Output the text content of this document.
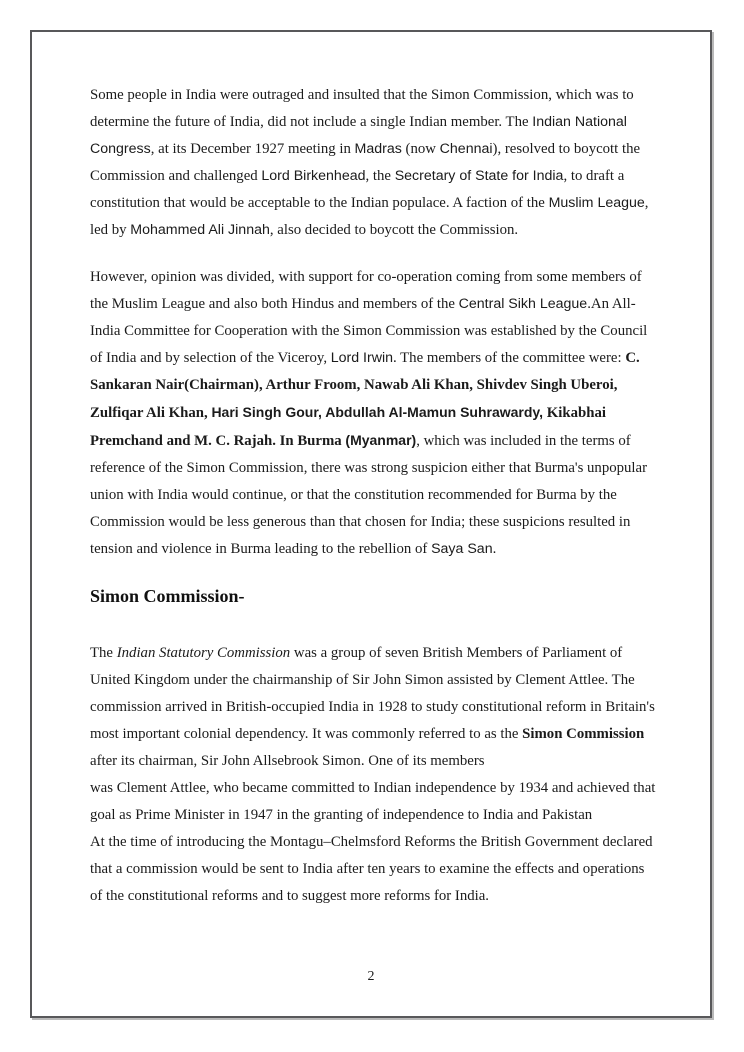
Some people in India were outraged and insulted that the Simon Commission, which was to determine the future of India, did not include a single Indian member. The Indian National Congress, at its December 1927 meeting in Madras (now Chennai), resolved to boycott the Commission and challenged Lord Birkenhead, the Secretary of State for India, to draft a constitution that would be acceptable to the Indian populace. A faction of the Muslim League, led by Mohammed Ali Jinnah, also decided to boycott the Commission.
However, opinion was divided, with support for co-operation coming from some members of the Muslim League and also both Hindus and members of the Central Sikh League.An All-India Committee for Cooperation with the Simon Commission was established by the Council of India and by selection of the Viceroy, Lord Irwin. The members of the committee were: C. Sankaran Nair(Chairman), Arthur Froom, Nawab Ali Khan, Shivdev Singh Uberoi, Zulfiqar Ali Khan, Hari Singh Gour, Abdullah Al-Mamun Suhrawardy, Kikabhai Premchand and M. C. Rajah. In Burma (Myanmar), which was included in the terms of reference of the Simon Commission, there was strong suspicion either that Burma's unpopular union with India would continue, or that the constitution recommended for Burma by the Commission would be less generous than that chosen for India; these suspicions resulted in tension and violence in Burma leading to the rebellion of Saya San.
Simon Commission-
The Indian Statutory Commission was a group of seven British Members of Parliament of United Kingdom under the chairmanship of Sir John Simon assisted by Clement Attlee. The commission arrived in British-occupied India in 1928 to study constitutional reform in Britain's most important colonial dependency. It was commonly referred to as the Simon Commission after its chairman, Sir John Allsebrook Simon. One of its members
was Clement Attlee, who became committed to Indian independence by 1934 and achieved that goal as Prime Minister in 1947 in the granting of independence to India and Pakistan
At the time of introducing the Montagu–Chelmsford Reforms the British Government declared that a commission would be sent to India after ten years to examine the effects and operations of the constitutional reforms and to suggest more reforms for India.
2
